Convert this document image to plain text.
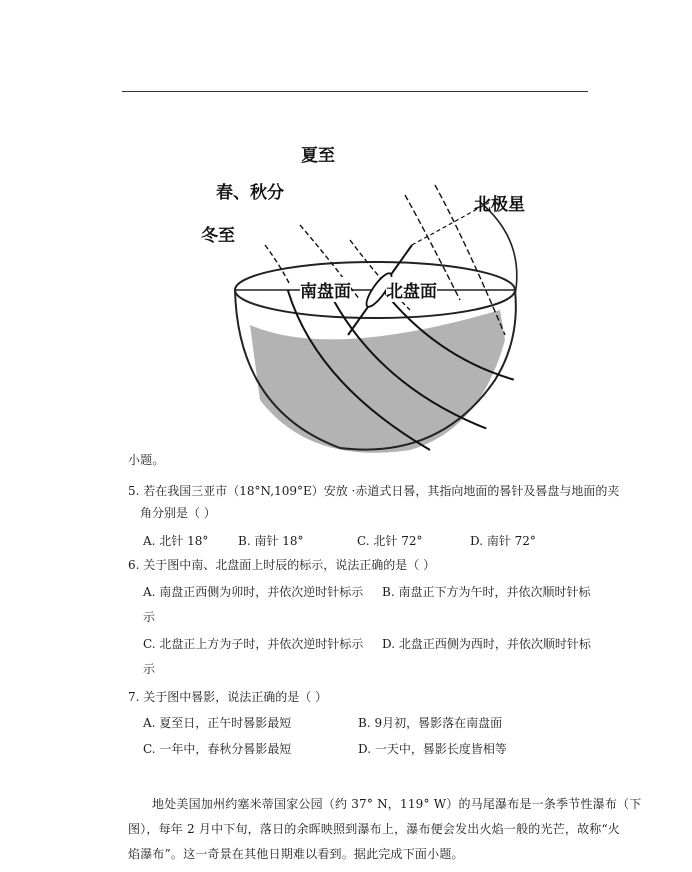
夏至
春、秋分
冬至
北极星
南盘面 北盘面
小题。
5. 若在我国三亚市（18°N,109°E）安放 ·赤道式日晷，其指向地面的晷针及晷盘与地面的夹
角分别是（ ）
A. 北针 18° B. 南针 18°	C. 北针 72°	D. 南针 72°
6. 关于图中南、北盘面上时辰的标示，说法正确的是（ ）
A. 南盘正西侧为卯时，并依次逆时针标示 B. 南盘正下方为午时，并依次顺时针标
示
C. 北盘正上方为子时，并依次逆时针标示 D. 北盘正西侧为西时，并依次顺时针标
示
7. 关于图中晷影，说法正确的是（ ）
A. 夏至日，正午时晷影最短	B. 9月初，晷影落在南盘面
C. 一年中，春秋分晷影最短	D. 一天中，晷影长度皆相等
地处美国加州约塞米蒂国家公园（约 37° N，119° W）的马尾瀑布是一条季节性瀑布（下
图），每年 2 月中下旬，落日的余晖映照到瀑布上，瀑布便会发出火焰一般的光芒，故称“火
焰瀑布”。这一奇景在其他日期难以看到。据此完成下面小题。
